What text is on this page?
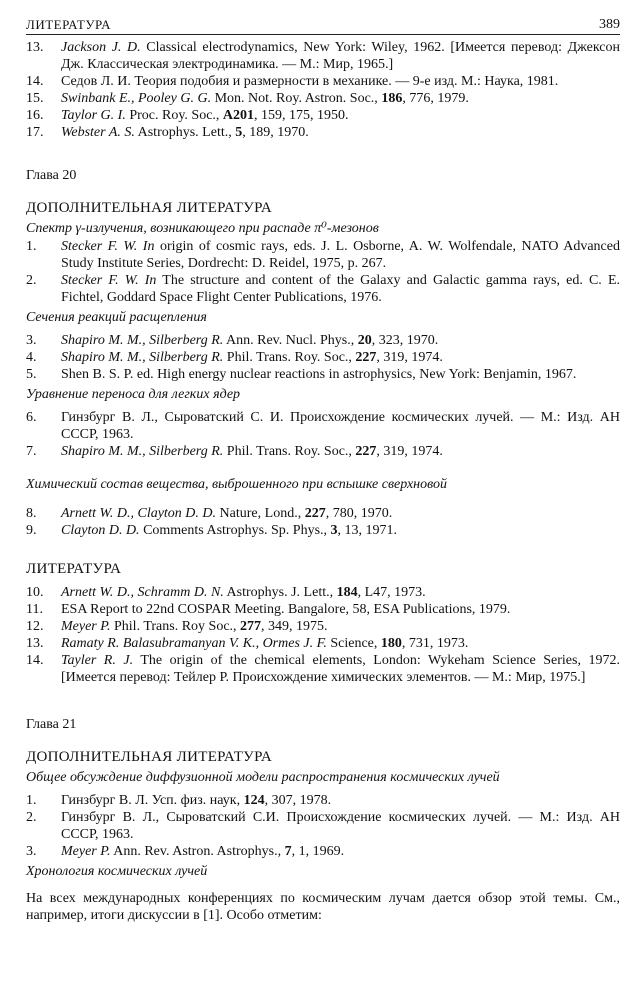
ЛИТЕРАТУРА	389
13.	Jackson J. D. Classical electrodynamics, New York: Wiley, 1962. [Имеется перевод: Джексон Дж. Классическая электродинамика. — М.: Мир, 1965.]
14.	Седов Л. И. Теория подобия и размерности в механике. — 9-е изд. М.: Наука, 1981.
15.	Swinbank E., Pooley G. G. Mon. Not. Roy. Astron. Soc., 186, 776, 1979.
16.	Taylor G. I. Proc. Roy. Soc., A201, 159, 175, 1950.
17.	Webster A. S. Astrophys. Lett., 5, 189, 1970.
Глава 20
ДОПОЛНИТЕЛЬНАЯ ЛИТЕРАТУРА
Спектр γ-излучения, возникающего при распаде π⁰-мезонов
1.	Stecker F. W. In origin of cosmic rays, eds. J. L. Osborne, A. W. Wolfendale, NATO Advanced Study Institute Series, Dordrecht: D. Reidel, 1975, p. 267.
2.	Stecker F. W. In The structure and content of the Galaxy and Galactic gamma rays, ed. C. E. Fichtel, Goddard Space Flight Center Publications, 1976.
Сечения реакций расщепления
3.	Shapiro M. M., Silberberg R. Ann. Rev. Nucl. Phys., 20, 323, 1970.
4.	Shapiro M. M., Silberberg R. Phil. Trans. Roy. Soc., 227, 319, 1974.
5.	Shen B. S. P. ed. High energy nuclear reactions in astrophysics, New York: Benjamin, 1967.
Уравнение переноса для легких ядер
6.	Гинзбург В. Л., Сыроватский С. И. Происхождение космических лучей. — М.: Изд. АН СССР, 1963.
7.	Shapiro M. M., Silberberg R. Phil. Trans. Roy. Soc., 227, 319, 1974.
Химический состав вещества, выброшенного при вспышке сверхновой
8.	Arnett W. D., Clayton D. D. Nature, Lond., 227, 780, 1970.
9.	Clayton D. D. Comments Astrophys. Sp. Phys., 3, 13, 1971.
ЛИТЕРАТУРА
10.	Arnett W. D., Schramm D. N. Astrophys. J. Lett., 184, L47, 1973.
11.	ESA Report to 22nd COSPAR Meeting. Bangalore, 58, ESA Publications, 1979.
12.	Meyer P. Phil. Trans. Roy Soc., 277, 349, 1975.
13.	Ramaty R. Balasubramanyan V. K., Ormes J. F. Science, 180, 731, 1973.
14.	Tayler R. J. The origin of the chemical elements, London: Wykeham Science Series, 1972. [Имеется перевод: Тейлер Р. Происхождение химических элементов. — М.: Мир, 1975.]
Глава 21
ДОПОЛНИТЕЛЬНАЯ ЛИТЕРАТУРА
Общее обсуждение диффузионной модели распространения космических лучей
1.	Гинзбург В. Л. Усп. физ. наук, 124, 307, 1978.
2.	Гинзбург В. Л., Сыроватский С.И. Происхождение космических лучей. — М.: Изд. АН СССР, 1963.
3.	Meyer P. Ann. Rev. Astron. Astrophys., 7, 1, 1969.
Хронология космических лучей
На всех международных конференциях по космическим лучам дается обзор этой темы. См., например, итоги дискуссии в [1]. Особо отметим:
